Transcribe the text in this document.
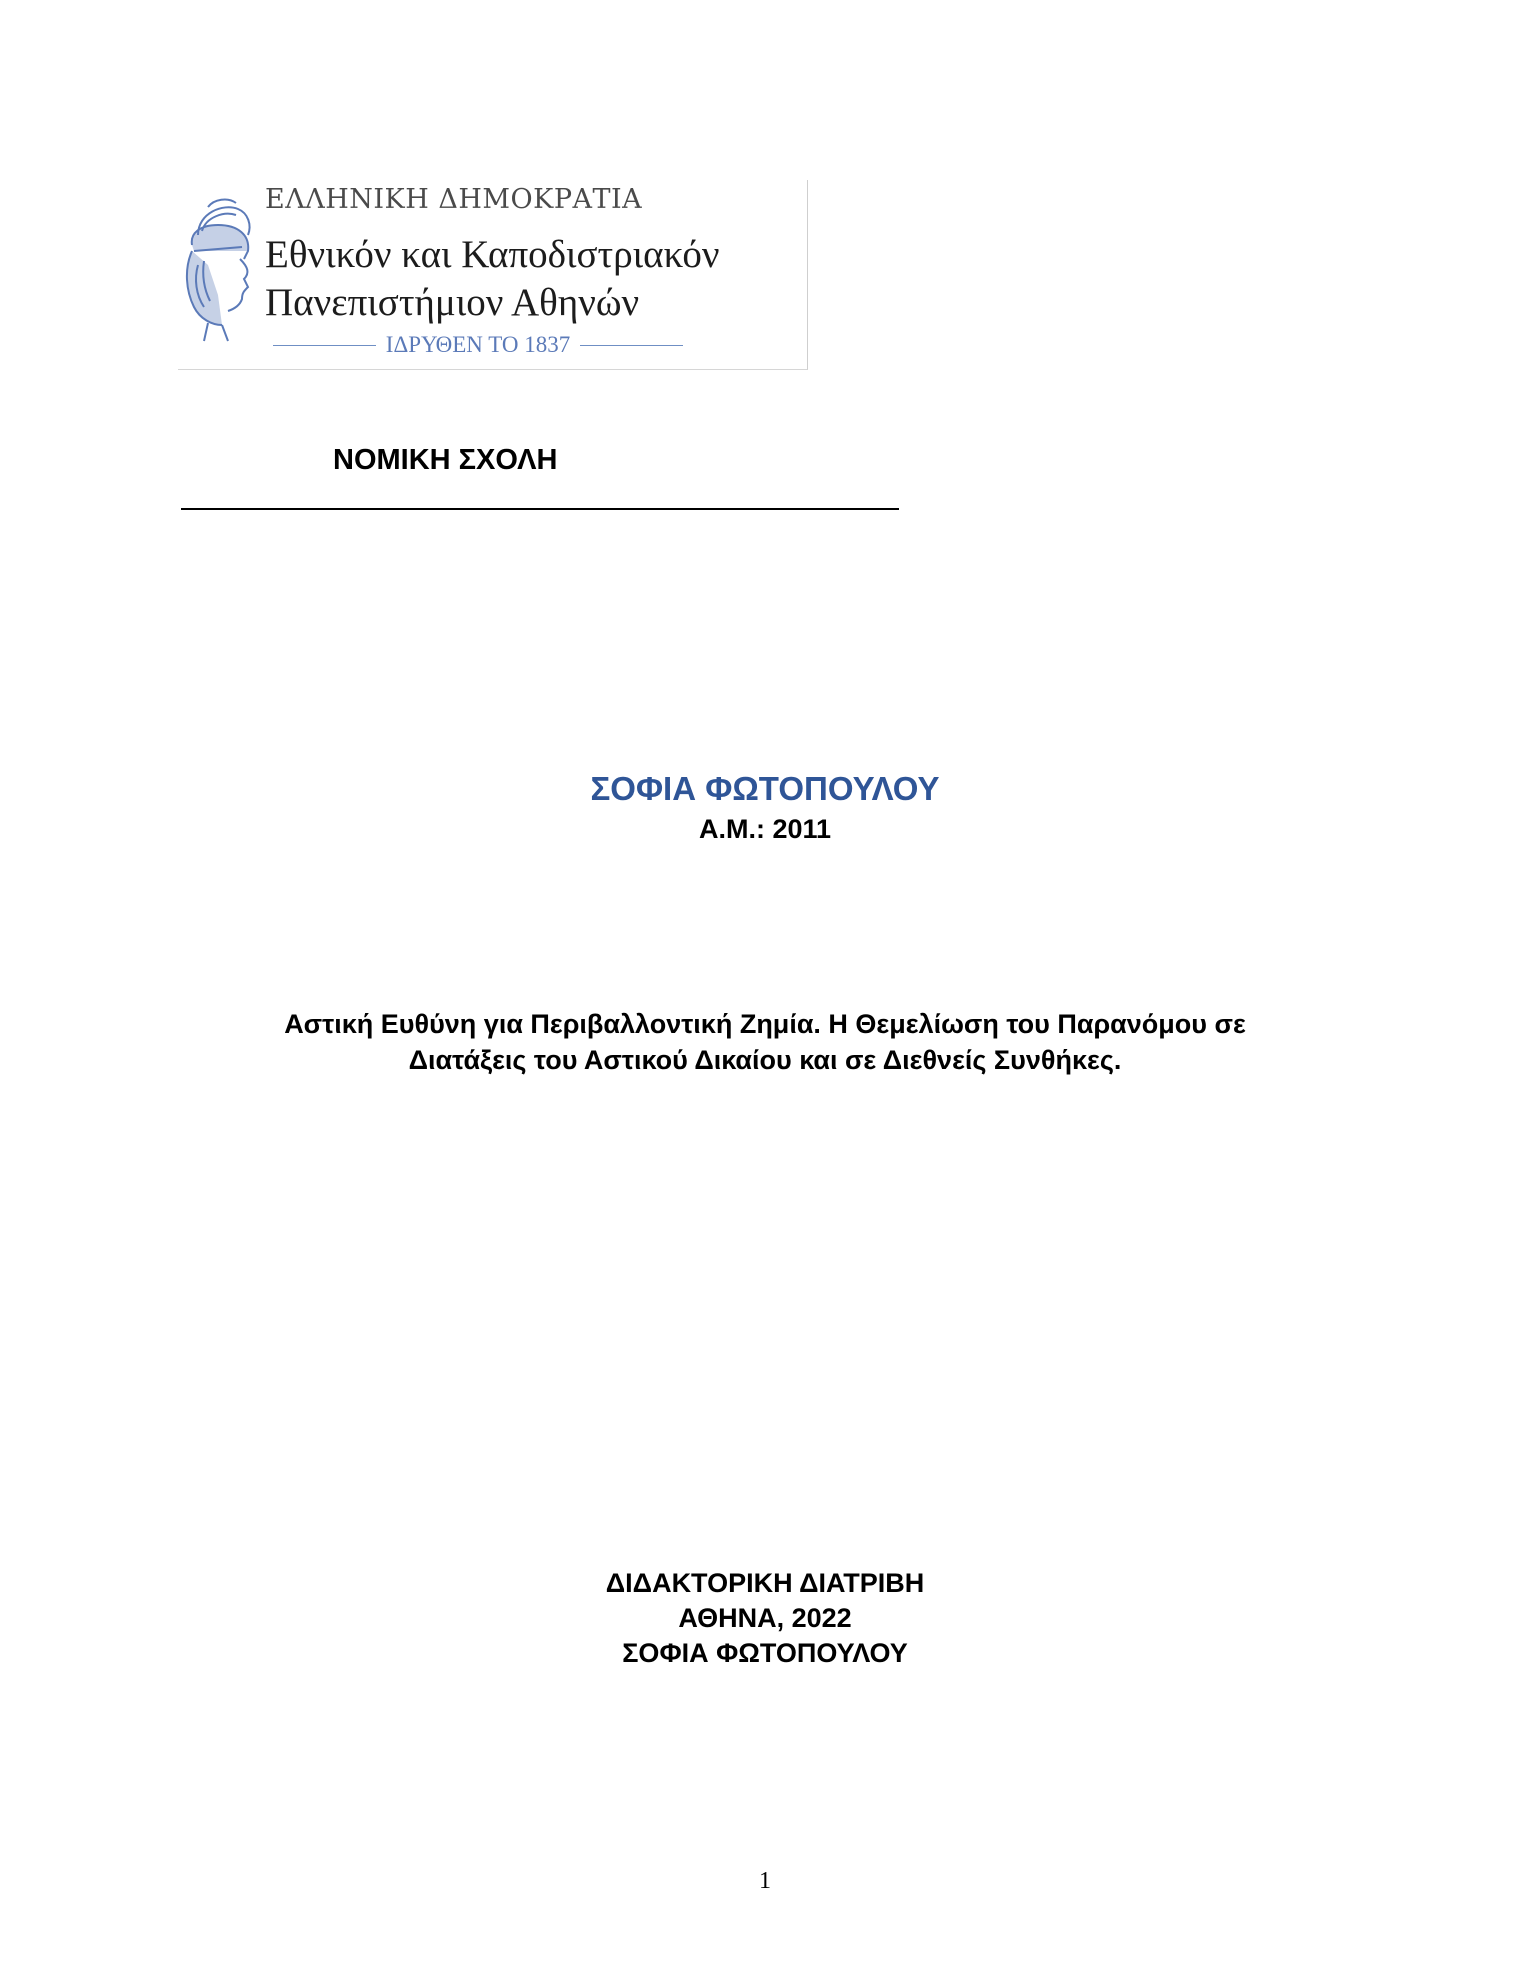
ΕΛΛΗΝΙΚΗ ΔΗΜΟΚΡΑΤΙΑ
Εθνικόν και Καποδιστριακόν
Πανεπιστήμιον Αθηνών
ΙΔΡΥΘΕΝ ΤΟ 1837
ΝΟΜΙΚΗ ΣΧΟΛΗ
ΣΟΦΙΑ ΦΩΤΟΠΟΥΛΟΥ
Α.Μ.: 2011
Αστική Ευθύνη για Περιβαλλοντική Ζημία. Η Θεμελίωση του Παρανόμου σε
Διατάξεις του Αστικού Δικαίου και σε Διεθνείς Συνθήκες.
ΔΙΔΑΚΤΟΡΙΚΗ ΔΙΑΤΡΙΒΗ
ΑΘΗΝΑ, 2022
ΣΟΦΙΑ ΦΩΤΟΠΟΥΛΟΥ
1
